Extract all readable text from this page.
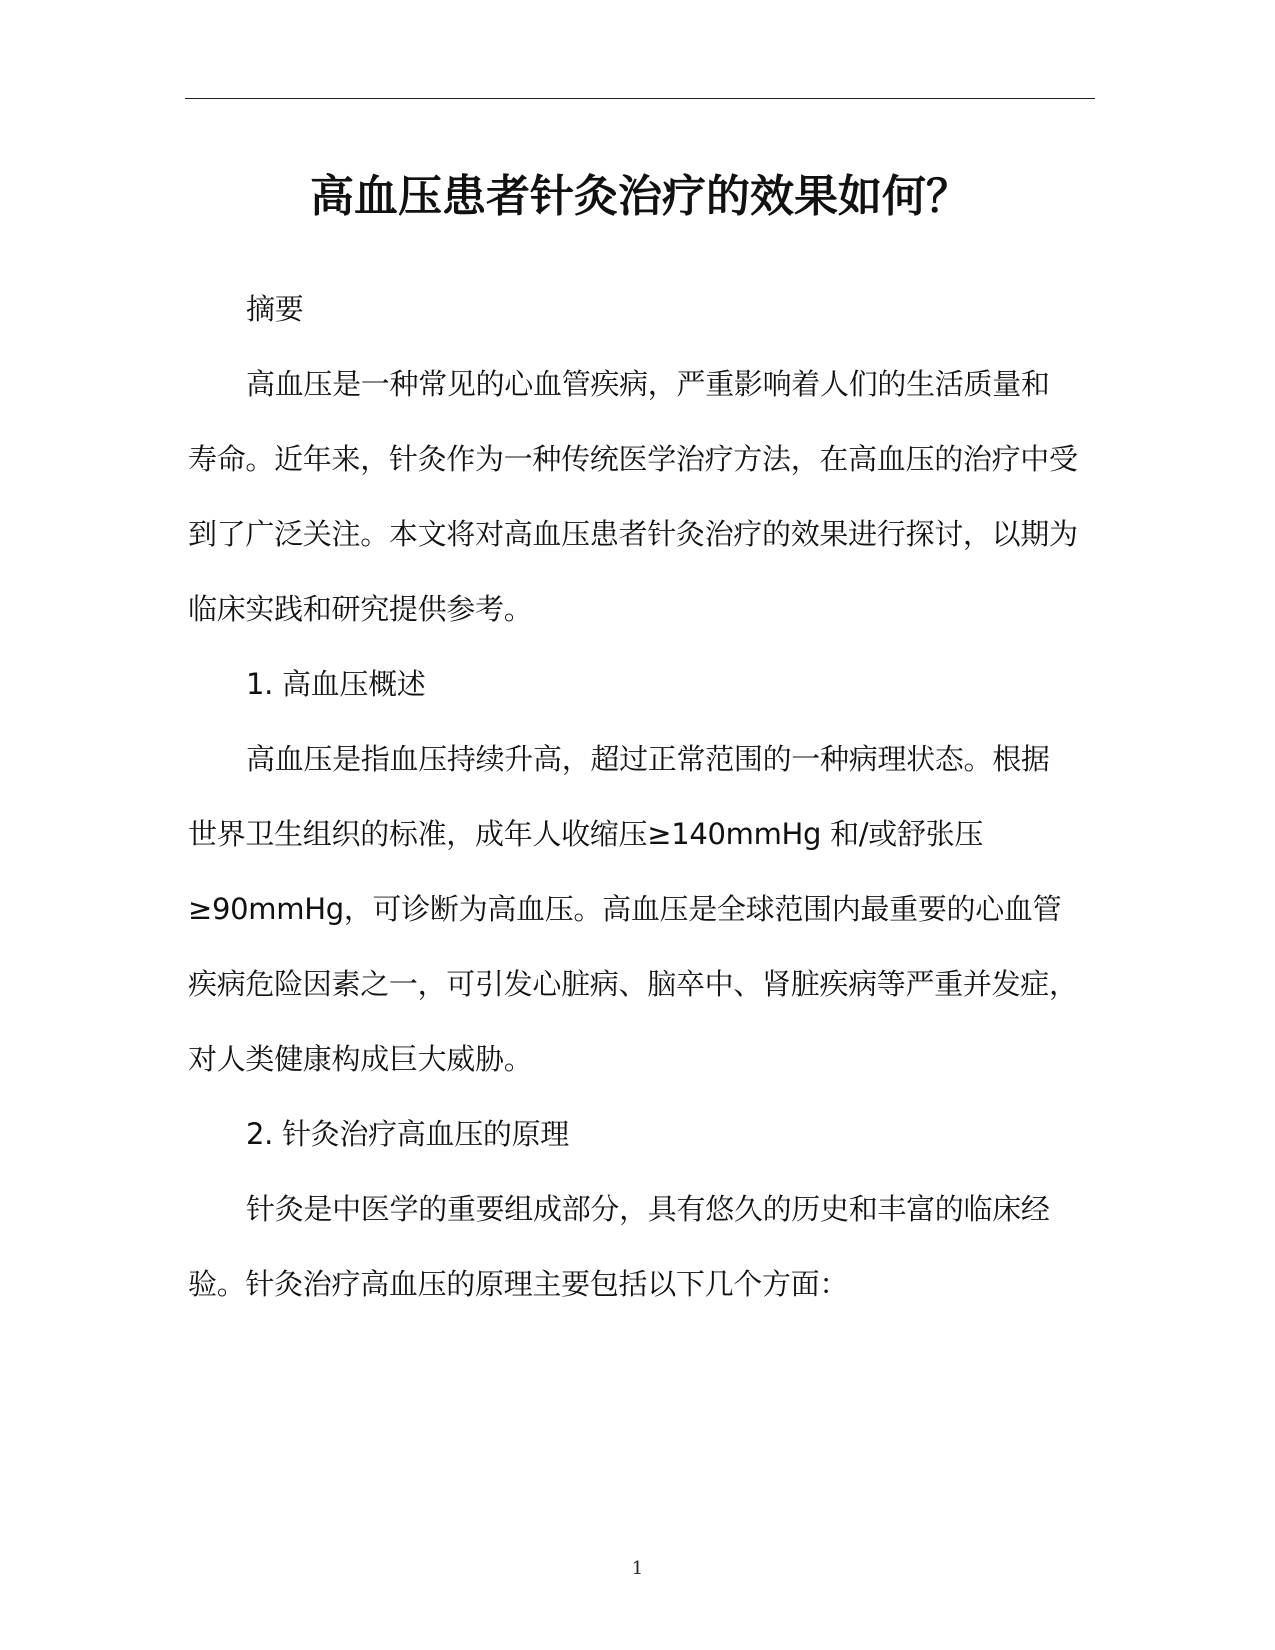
高血压患者针灸治疗的效果如何？

摘要

高血压是一种常见的心血管疾病，严重影响着人们的生活质量和寿命。近年来，针灸作为一种传统医学治疗方法，在高血压的治疗中受到了广泛关注。本文将对高血压患者针灸治疗的效果进行探讨，以期为临床实践和研究提供参考。

1. 高血压概述

高血压是指血压持续升高，超过正常范围的一种病理状态。根据世界卫生组织的标准，成年人收缩压≥140mmHg 和/或舒张压≥90mmHg，可诊断为高血压。高血压是全球范围内最重要的心血管疾病危险因素之一，可引发心脏病、脑卒中、肾脏疾病等严重并发症，对人类健康构成巨大威胁。

2. 针灸治疗高血压的原理

针灸是中医学的重要组成部分，具有悠久的历史和丰富的临床经验。针灸治疗高血压的原理主要包括以下几个方面：

1
